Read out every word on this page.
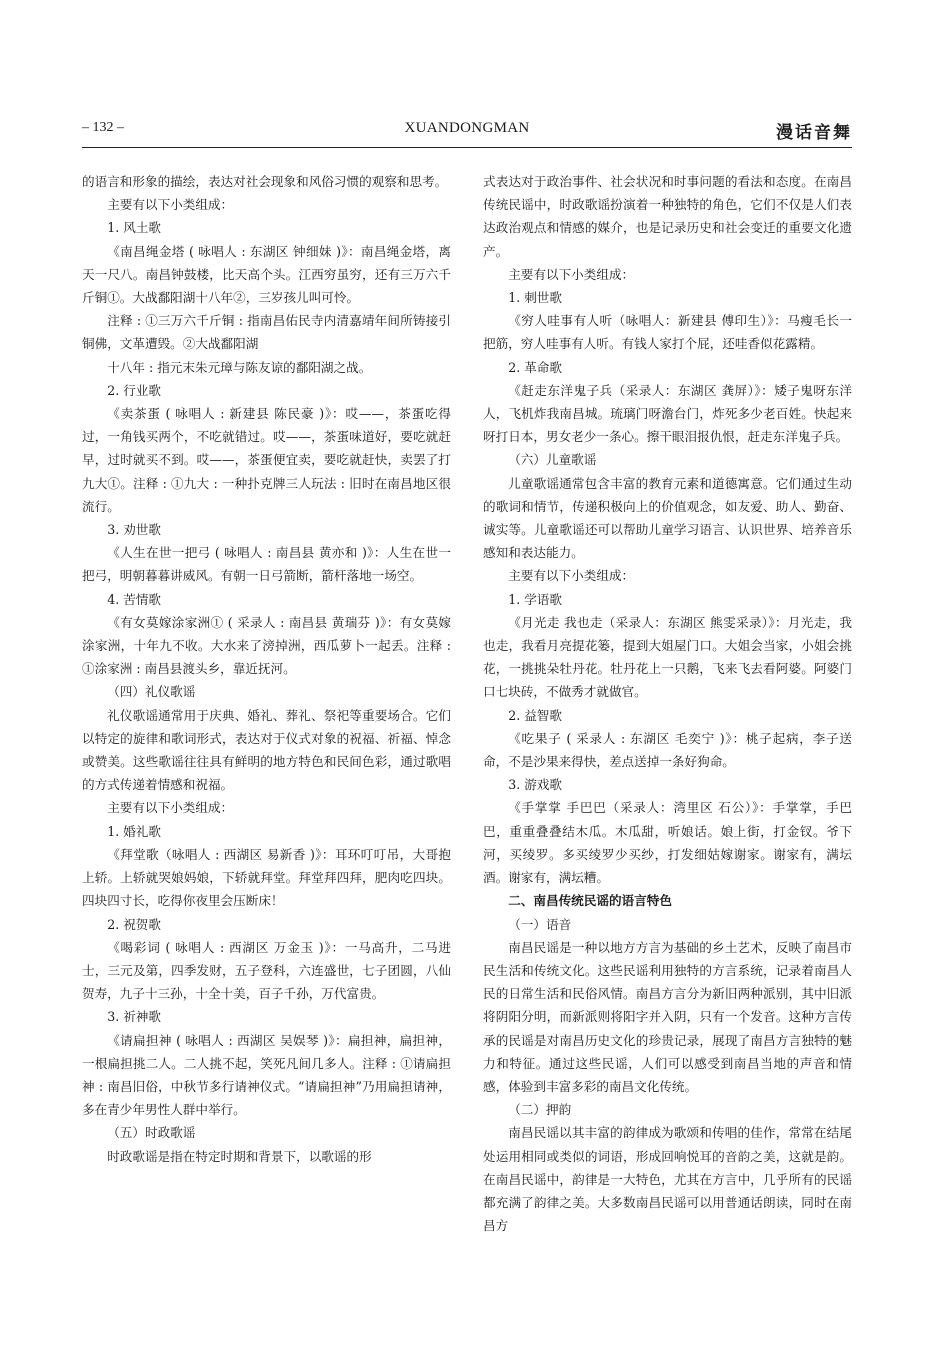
– 132 –	XUANDONGMAN	漫话音舞

的语言和形象的描绘，表达对社会现象和风俗习惯的观察和思考。

主要有以下小类组成：

1. 风土歌

《南昌绳金塔 ( 咏唱人 : 东湖区 钟细妹 )》：南昌绳金塔，离天一尺八。南昌钟鼓楼，比天高个头。江西穷虽穷，还有三万六千斤铜①。大战鄱阳湖十八年②，三岁孩儿叫可怜。

注释 : ①三万六千斤铜 : 指南昌佑民寺内清嘉靖年间所铸接引铜佛，文革遭毁。②大战鄱阳湖

十八年 : 指元末朱元璋与陈友谅的鄱阳湖之战。

2. 行业歌

《卖茶蛋 ( 咏唱人 : 新建县 陈民豪 )》：哎——，茶蛋吃得过，一角钱买两个，不吃就错过。哎——，茶蛋味道好，要吃就赶早，过时就买不到。哎——，茶蛋便宜卖，要吃就赶快，卖罢了打九大①。注释 : ①九大 : 一种扑克牌三人玩法 : 旧时在南昌地区很流行。

3. 劝世歌

《人生在世一把弓 ( 咏唱人 : 南昌县 黄亦和 )》：人生在世一把弓，明朝暮暮讲威风。有朝一日弓箭断，箭杆落地一场空。

4. 苦情歌

《有女莫嫁涂家洲① ( 采录人 : 南昌县 黄瑞芬 )》：有女莫嫁涂家洲，十年九不收。大水来了滂掉洲，西瓜萝卜一起丢。注释 : ①涂家洲 : 南昌县渡头乡，靠近抚河。

（四）礼仪歌谣

礼仪歌谣通常用于庆典、婚礼、葬礼、祭祀等重要场合。它们以特定的旋律和歌词形式，表达对于仪式对象的祝福、祈福、悼念或赞美。这些歌谣往往具有鲜明的地方特色和民间色彩，通过歌唱的方式传递着情感和祝福。

主要有以下小类组成：

1. 婚礼歌

《拜堂歌（咏唱人 : 西湖区 易新香 )》：耳环叮叮吊，大哥抱上轿。上轿就哭娘妈娘，下轿就拜堂。拜堂拜四拜，肥肉吃四块。四块四寸长，吃得你夜里会压断床！

2. 祝贺歌

《喝彩词 ( 咏唱人 : 西湖区 万金玉 )》：一马高升，二马进士，三元及第，四季发财，五子登科，六连盛世，七子团圆，八仙贺寿，九子十三孙，十全十美，百子千孙，万代富贵。

3. 祈神歌

《请扁担神 ( 咏唱人 : 西湖区 吴娱琴 )》：扁担神，扁担神，一根扁担挑二人。二人挑不起，笑死凡间几多人。注释 : ①请扁担神 : 南昌旧俗，中秋节多行请神仪式。“请扁担神”乃用扁担请神，多在青少年男性人群中举行。

（五）时政歌谣

时政歌谣是指在特定时期和背景下，以歌谣的形

式表达对于政治事件、社会状况和时事问题的看法和态度。在南昌传统民谣中，时政歌谣扮演着一种独特的角色，它们不仅是人们表达政治观点和情感的媒介，也是记录历史和社会变迁的重要文化遗产。

主要有以下小类组成：

1. 刺世歌

《穷人哇事有人听（咏唱人：新建县 傅印生）》：马瘦毛长一把筋，穷人哇事有人听。有钱人家打个屁，还哇香似花露精。

2. 革命歌

《赶走东洋鬼子兵（采录人：东湖区 龚屏）》：矮子鬼呀东洋人，飞机炸我南昌城。琉璃门呀澹台门，炸死多少老百姓。快起来呀打日本，男女老少一条心。擦干眼泪报仇恨，赶走东洋鬼子兵。

（六）儿童歌谣

儿童歌谣通常包含丰富的教育元素和道德寓意。它们通过生动的歌词和情节，传递积极向上的价值观念，如友爱、助人、勤奋、诚实等。儿童歌谣还可以帮助儿童学习语言、认识世界、培养音乐感知和表达能力。

主要有以下小类组成：

1. 学语歌

《月光走 我也走（采录人：东湖区 熊雯采录）》：月光走，我也走，我看月亮提花篓，提到大姐屋门口。大姐会当家，小姐会挑花，一挑挑朵牡丹花。牡丹花上一只鹅，飞来飞去看阿婆。阿婆门口七块砖，不做秀才就做官。

2. 益智歌

《吃果子 ( 采录人 : 东湖区 毛奕宁 )》：桃子起病，李子送命，不是沙果来得快，差点送掉一条好狗命。

3. 游戏歌

《手掌掌 手巴巴（采录人：湾里区 石公）》：手掌掌，手巴巴，重重叠叠结木瓜。木瓜甜，听娘话。娘上街，打金钗。爷下河，买绫罗。多买绫罗少买纱，打发细姑嫁谢家。谢家有，满坛酒。谢家有，满坛糟。

二、南昌传统民谣的语言特色

（一）语音

南昌民谣是一种以地方方言为基础的乡土艺术，反映了南昌市民生活和传统文化。这些民谣利用独特的方言系统，记录着南昌人民的日常生活和民俗风情。南昌方言分为新旧两种派别，其中旧派将阴阳分明，而新派则将阳字并入阴，只有一个发音。这种方言传承的民谣是对南昌历史文化的珍贵记录，展现了南昌方言独特的魅力和特征。通过这些民谣，人们可以感受到南昌当地的声音和情感，体验到丰富多彩的南昌文化传统。

（二）押韵

南昌民谣以其丰富的韵律成为歌颂和传唱的佳作，常常在结尾处运用相同或类似的词语，形成回响悦耳的音韵之美，这就是韵。在南昌民谣中，韵律是一大特色，尤其在方言中，几乎所有的民谣都充满了韵律之美。大多数南昌民谣可以用普通话朗读，同时在南昌方
